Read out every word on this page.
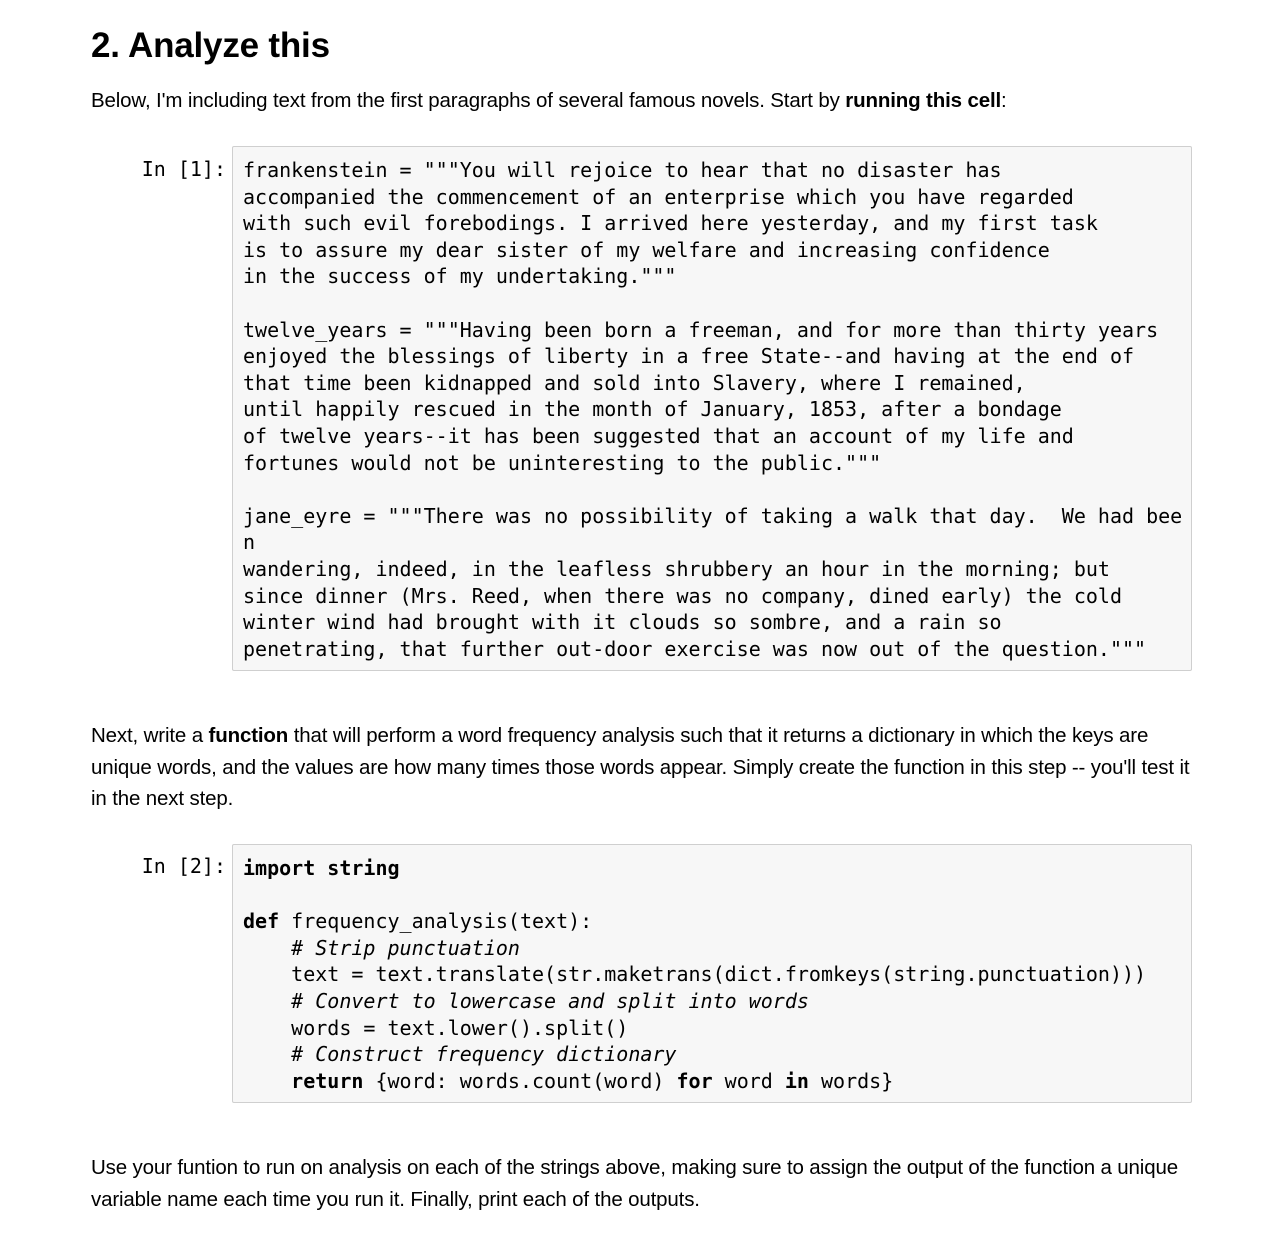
2. Analyze this

Below, I'm including text from the first paragraphs of several famous novels. Start by running this cell:

In [1]: frankenstein = """You will rejoice to hear that no disaster has
accompanied the commencement of an enterprise which you have regarded
with such evil forebodings. I arrived here yesterday, and my first task
is to assure my dear sister of my welfare and increasing confidence
in the success of my undertaking."""
twelve_years = """Having been born a freeman, and for more than thirty years
enjoyed the blessings of liberty in a free State--and having at the end of
that time been kidnapped and sold into Slavery, where I remained,
until happily rescued in the month of January, 1853, after a bondage
of twelve years--it has been suggested that an account of my life and
fortunes would not be uninteresting to the public."""
jane_eyre = """There was no possibility of taking a walk that day.  We had bee
n
wandering, indeed, in the leafless shrubbery an hour in the morning; but
since dinner (Mrs. Reed, when there was no company, dined early) the cold
winter wind had brought with it clouds so sombre, and a rain so
penetrating, that further out-door exercise was now out of the question."""

Next, write a function that will perform a word frequency analysis such that it returns a dictionary in which the keys are unique words, and the values are how many times those words appear. Simply create the function in this step -- you'll test it in the next step.

In [2]: import string
def frequency_analysis(text):
# Strip punctuation
text = text.translate(str.maketrans(dict.fromkeys(string.punctuation)))
# Convert to lowercase and split into words
words = text.lower().split()
# Construct frequency dictionary
return {word: words.count(word) for word in words}

Use your funtion to run on analysis on each of the strings above, making sure to assign the output of the function a unique variable name each time you run it. Finally, print each of the outputs.
